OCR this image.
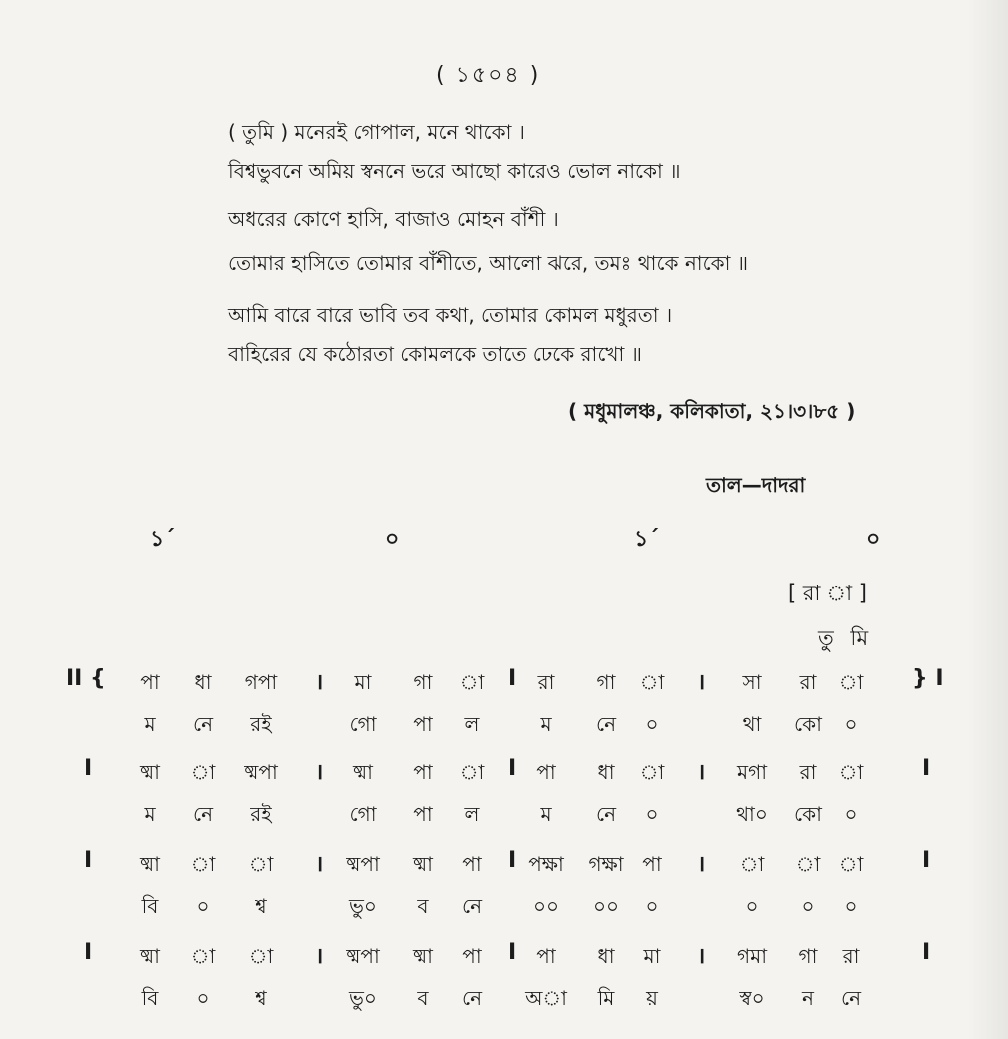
( ১৫০৪ )
( তুমি ) মনেরই গোপাল, মনে থাকো ।
বিশ্বভুবনে অমিয় স্বননে ভরে আছো কারেও ভোল নাকো ॥
অধরের কোণে হাসি, বাজাও মোহন বাঁশী ।
তোমার হাসিতে তোমার বাঁশীতে, আলো ঝরে, তমঃ থাকে নাকো ॥
আমি বারে বারে ভাবি তব কথা, তোমার কোমল মধুরতা ।
বাহিরের যে কঠোরতা কোমলকে তাতে ঢেকে রাখো ॥
( মধুমালঞ্চ, কলিকাতা, ২১।৩।৮৫ )
তাল—দাদরা
১´	০	১´	০
[ রা া ]
তু মি
II {	} I
।	I	।
পা	ধা	গপা	মা	গা	া	রা	গা	া	সা	রা	া
ম	নে	রই	গো	পা	ল	ম	নে	০	থা	কো	০
I	I
।	I	।
ষ্মা	া	ষ্মপা	ষ্মা	পা	া	পা	ধা	া	মগা	রা	া
ম	নে	রই	গো	পা	ল	ম	নে	০	থা০	কো	০
I	I
।	I	।
ষ্মা	া	া	ষ্মপা	ষ্মা	পা	পক্ষা	গক্ষা পা	া	া া
বি	০	শ্ব	ভু০	ব	নে	০০	০০	০	০	০	০
I	I
।	I	।
ষ্মা	া	া	ষ্মপা	ষ্মা	পা	পা	ধা	মা	গমা	গা	রা
বি	০	শ্ব	ভু০	ব	নে	অা	মি	য়	স্ব০	ন	নে
